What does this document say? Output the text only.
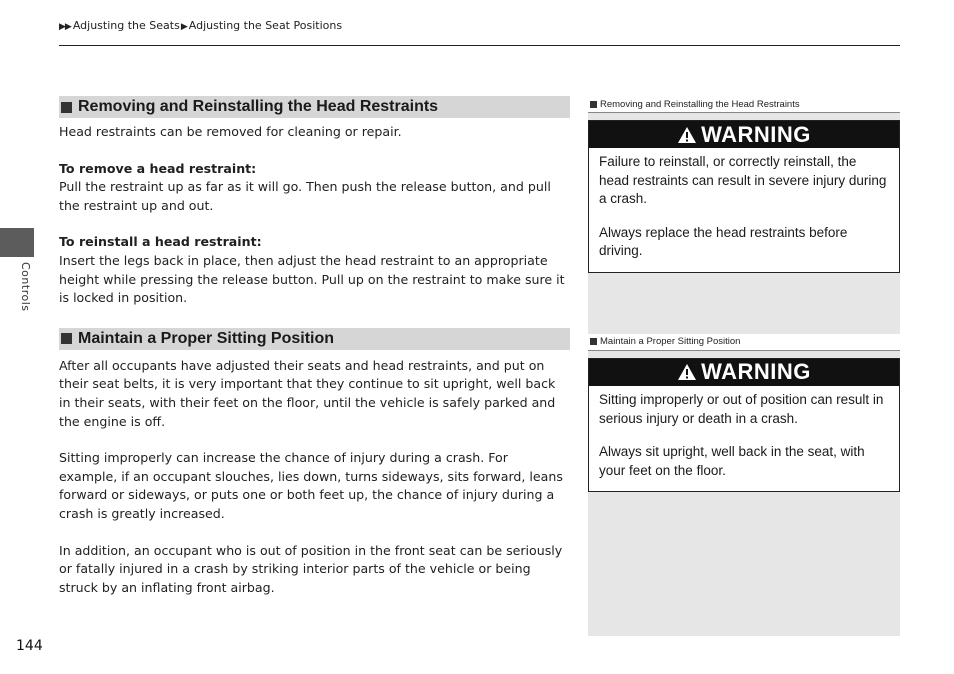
▶▶ Adjusting the Seats▶Adjusting the Seat Positions
Controls
Removing and Reinstalling the Head Restraints

Head restraints can be removed for cleaning or repair.

To remove a head restraint:

Pull the restraint up as far as it will go. Then push the release button, and pull the restraint up and out.

To reinstall a head restraint:

Insert the legs back in place, then adjust the head restraint to an appropriate height while pressing the release button. Pull up on the restraint to make sure it is locked in position.

Maintain a Proper Sitting Position

After all occupants have adjusted their seats and head restraints, and put on their seat belts, it is very important that they continue to sit upright, well back in their seats, with their feet on the floor, until the vehicle is safely parked and the engine is off.

Sitting improperly can increase the chance of injury during a crash. For example, if an occupant slouches, lies down, turns sideways, sits forward, leans forward or sideways, or puts one or both feet up, the chance of injury during a crash is greatly increased.

In addition, an occupant who is out of position in the front seat can be seriously or fatally injured in a crash by striking interior parts of the vehicle or being struck by an inflating front airbag.

Removing and Reinstalling the Head Restraints
WARNING

Failure to reinstall, or correctly reinstall, the head restraints can result in severe injury during a crash.

Always replace the head restraints before driving.

Maintain a Proper Sitting Position
WARNING

Sitting improperly or out of position can result in serious injury or death in a crash.

Always sit upright, well back in the seat, with your feet on the floor.

144
